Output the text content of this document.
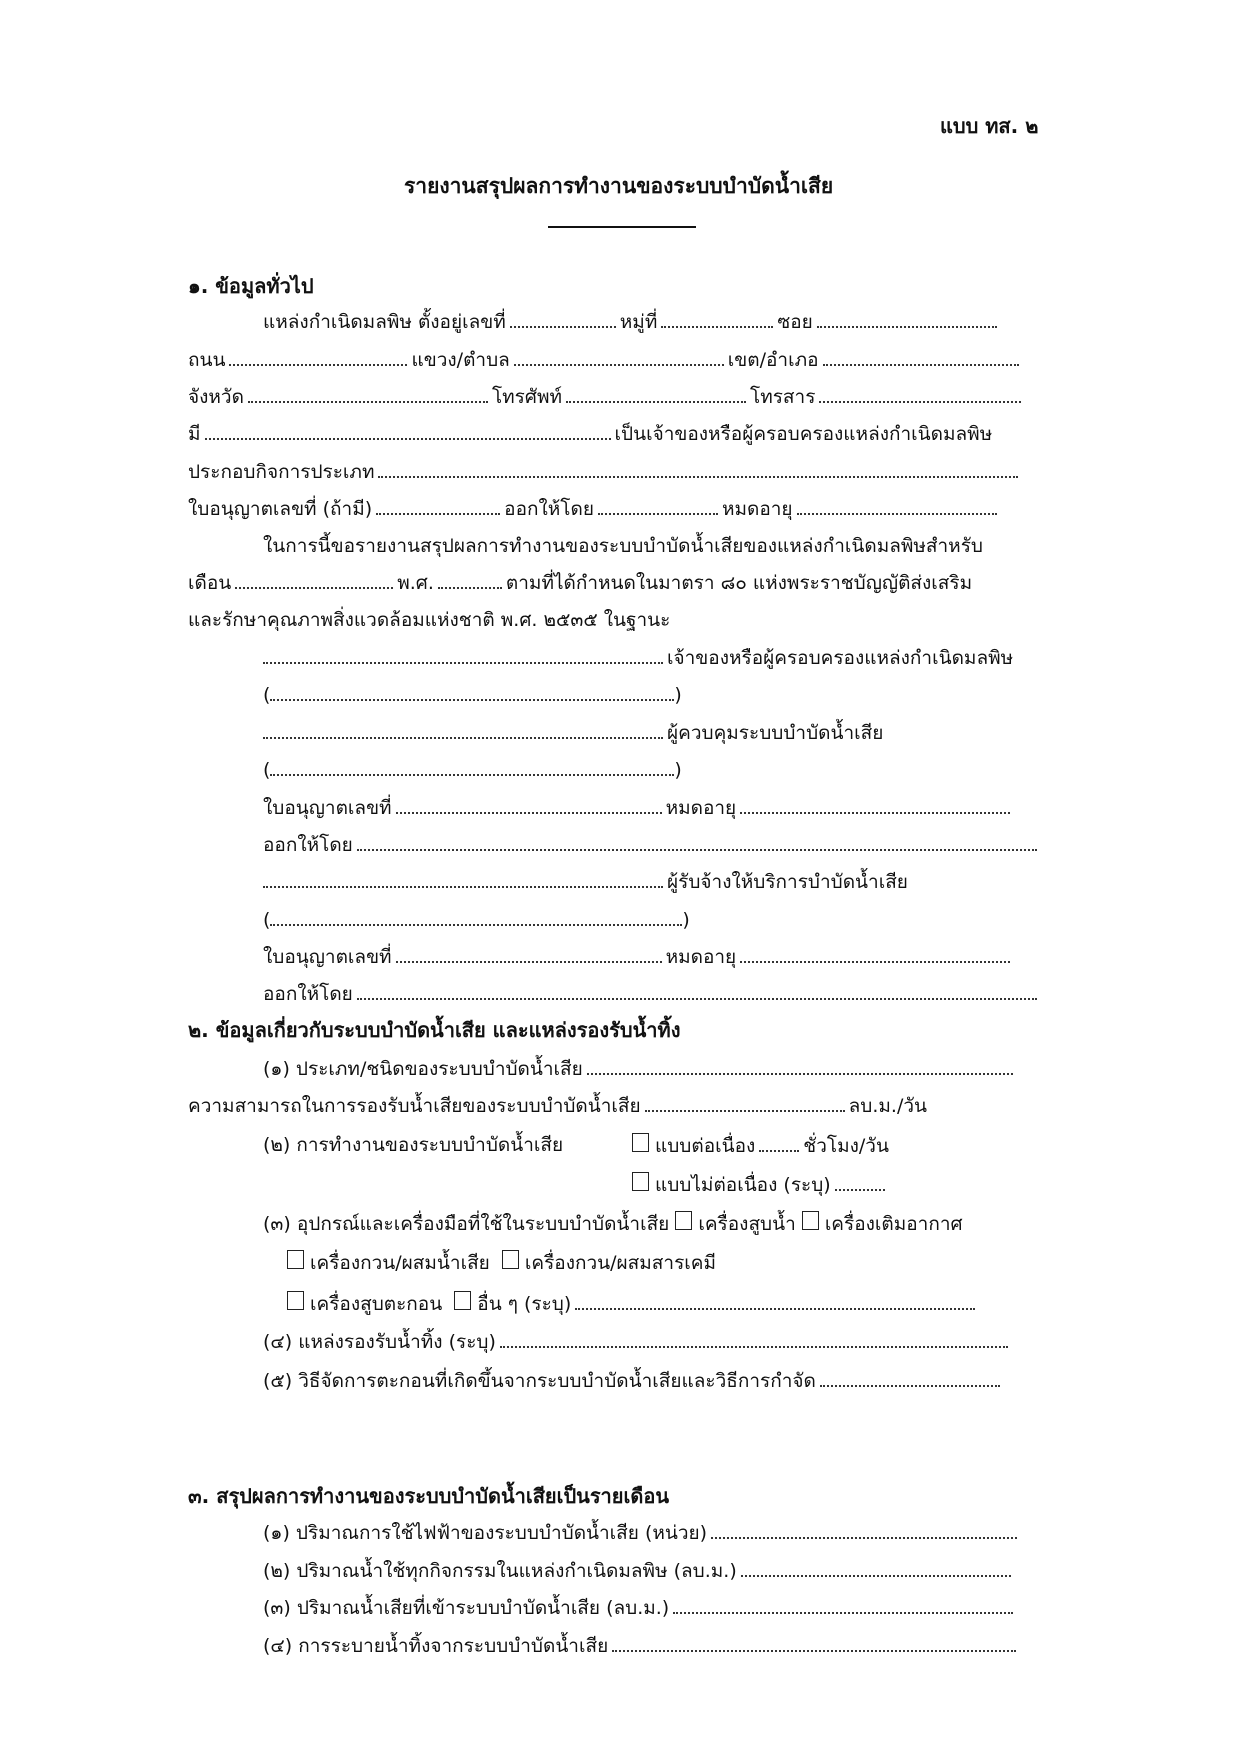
แบบ ทส. ๒
รายงานสรุปผลการทำงานของระบบบำบัดน้ำเสีย
๑. ข้อมูลทั่วไป
แหล่งกำเนิดมลพิษ ตั้งอยู่เลขที่	หมู่ที่	ซอย
ถนน	แขวง/ตำบล	เขต/อำเภอ
จังหวัด	โทรศัพท์	โทรสาร
มี	เป็นเจ้าของหรือผู้ครอบครองแหล่งกำเนิดมลพิษ
ประกอบกิจการประเภท
ใบอนุญาตเลขที่ (ถ้ามี)	ออกให้โดย	หมดอายุ
ในการนี้ขอรายงานสรุปผลการทำงานของระบบบำบัดน้ำเสียของแหล่งกำเนิดมลพิษสำหรับ
เดือน	พ.ศ.	ตามที่ได้กำหนดในมาตรา ๘๐ แห่งพระราชบัญญัติส่งเสริม
และรักษาคุณภาพสิ่งแวดล้อมแห่งชาติ พ.ศ. ๒๕๓๕ ในฐานะ
เจ้าของหรือผู้ครอบครองแหล่งกำเนิดมลพิษ
(	)
ผู้ควบคุมระบบบำบัดน้ำเสีย
(	)
ใบอนุญาตเลขที่	หมดอายุ
ออกให้โดย
ผู้รับจ้างให้บริการบำบัดน้ำเสีย
(	)
ใบอนุญาตเลขที่	หมดอายุ
ออกให้โดย
๒. ข้อมูลเกี่ยวกับระบบบำบัดน้ำเสีย และแหล่งรองรับน้ำทิ้ง
(๑) ประเภท/ชนิดของระบบบำบัดน้ำเสีย
ความสามารถในการรองรับน้ำเสียของระบบบำบัดน้ำเสีย	ลบ.ม./วัน
(๒) การทำงานของระบบบำบัดน้ำเสีย	แบบต่อเนื่อง	ชั่วโมง/วัน
แบบไม่ต่อเนื่อง (ระบุ)
(๓) อุปกรณ์และเครื่องมือที่ใช้ในระบบบำบัดน้ำเสีย เครื่องสูบน้ำ เครื่องเติมอากาศ
เครื่องกวน/ผสมน้ำเสีย เครื่องกวน/ผสมสารเคมี
เครื่องสูบตะกอน อื่น ๆ (ระบุ)
(๔) แหล่งรองรับน้ำทิ้ง (ระบุ)
(๕) วิธีจัดการตะกอนที่เกิดขึ้นจากระบบบำบัดน้ำเสียและวิธีการกำจัด
๓. สรุปผลการทำงานของระบบบำบัดน้ำเสียเป็นรายเดือน
(๑) ปริมาณการใช้ไฟฟ้าของระบบบำบัดน้ำเสีย (หน่วย)
(๒) ปริมาณน้ำใช้ทุกกิจกรรมในแหล่งกำเนิดมลพิษ (ลบ.ม.)
(๓) ปริมาณน้ำเสียที่เข้าระบบบำบัดน้ำเสีย (ลบ.ม.)
(๔) การระบายน้ำทิ้งจากระบบบำบัดน้ำเสีย
